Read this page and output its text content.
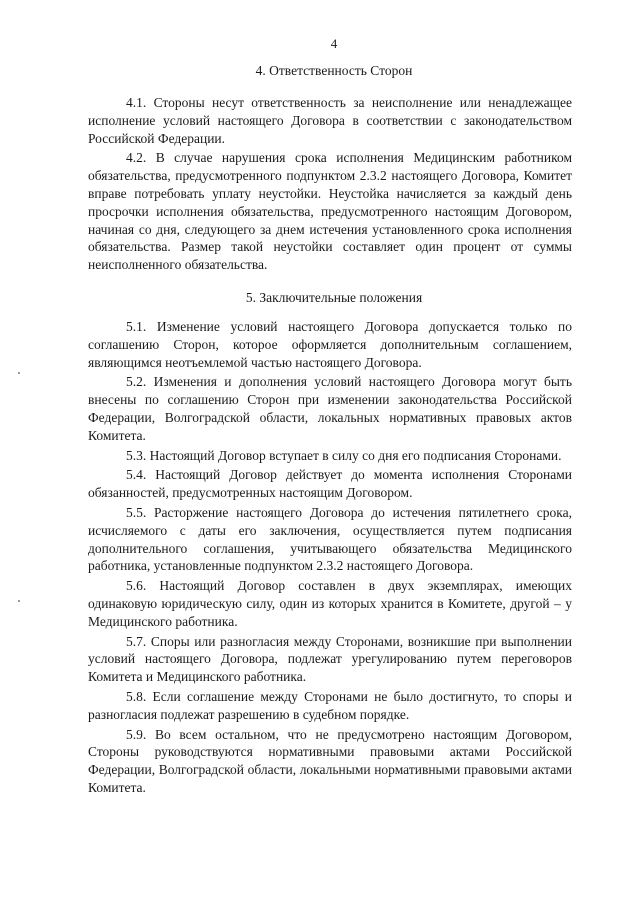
4
4. Ответственность Сторон

4.1. Стороны несут ответственность за неисполнение или ненадлежащее исполнение условий настоящего Договора в соответствии с законодательством Российской Федерации.

4.2. В случае нарушения срока исполнения Медицинским работником обязательства, предусмотренного подпунктом 2.3.2 настоящего Договора, Комитет вправе потребовать уплату неустойки. Неустойка начисляется за каждый день просрочки исполнения обязательства, предусмотренного настоящим Договором, начиная со дня, следующего за днем истечения установленного срока исполнения обязательства. Размер такой неустойки составляет один процент от суммы неисполненного обязательства.

5. Заключительные положения

5.1. Изменение условий настоящего Договора допускается только по соглашению Сторон, которое оформляется дополнительным соглашением, являющимся неотъемлемой частью настоящего Договора.

5.2. Изменения и дополнения условий настоящего Договора могут быть внесены по соглашению Сторон при изменении законодательства Российской Федерации, Волгоградской области, локальных нормативных правовых актов Комитета.

5.3. Настоящий Договор вступает в силу со дня его подписания Сторонами.

5.4. Настоящий Договор действует до момента исполнения Сторонами обязанностей, предусмотренных настоящим Договором.

5.5. Расторжение настоящего Договора до истечения пятилетнего срока, исчисляемого с даты его заключения, осуществляется путем подписания дополнительного соглашения, учитывающего обязательства Медицинского работника, установленные подпунктом 2.3.2 настоящего Договора.

5.6. Настоящий Договор составлен в двух экземплярах, имеющих одинаковую юридическую силу, один из которых хранится в Комитете, другой – у Медицинского работника.

5.7. Споры или разногласия между Сторонами, возникшие при выполнении условий настоящего Договора, подлежат урегулированию путем переговоров Комитета и Медицинского работника.

5.8. Если соглашение между Сторонами не было достигнуто, то споры и разногласия подлежат разрешению в судебном порядке.

5.9. Во всем остальном, что не предусмотрено настоящим Договором, Стороны руководствуются нормативными правовыми актами Российской Федерации, Волгоградской области, локальными нормативными правовыми актами Комитета.
